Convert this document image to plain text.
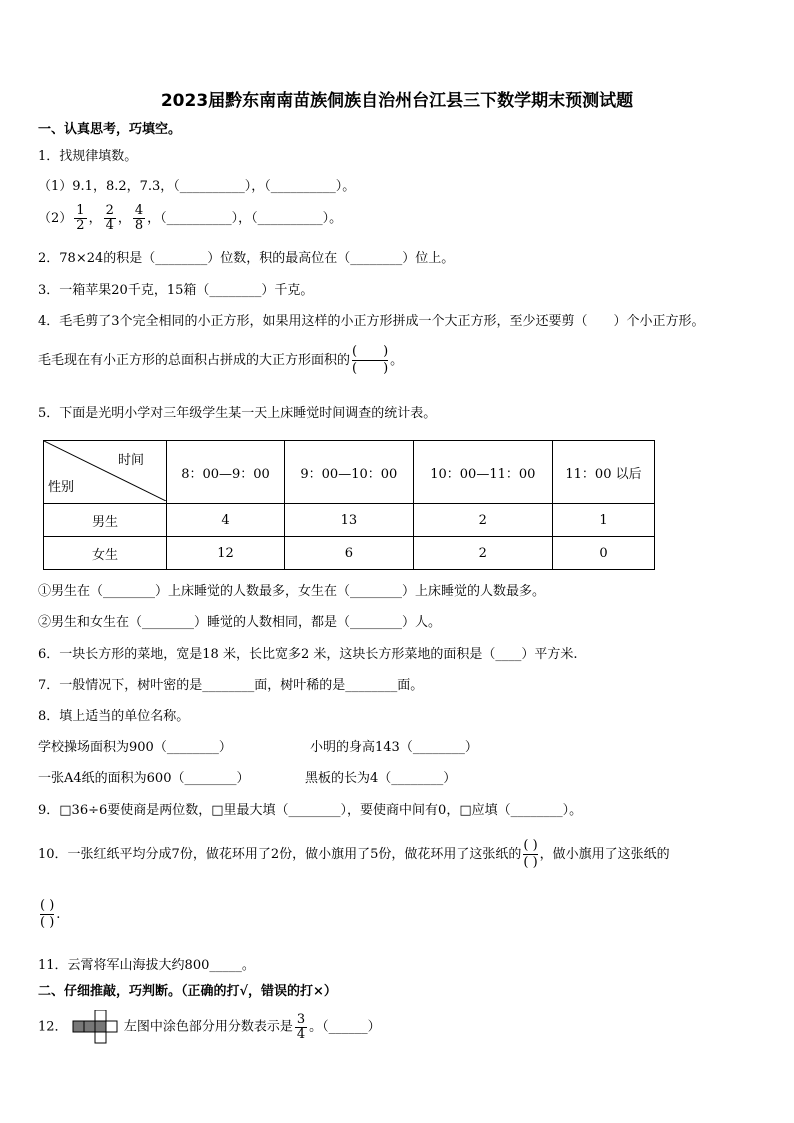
2023届黔东南南苗族侗族自治州台江县三下数学期末预测试题
一、认真思考，巧填空。
1．找规律填数。
（1）9.1，8.2，7.3，（__________），（__________）。
$(2) \frac{1}{2}$ ， $\frac{2}{4}$ ， $\frac{4}{8}$ ，（__________），（__________）。
2．78×24的积是（________）位数，积的最高位在（________）位上。
3．一箱苹果20千克，15箱（________）千克。
4．毛毛剪了3个完全相同的小正方形，如果用这样的小正方形拼成一个大正方形，至少还要剪（　　）个小正方形。
毛毛现在有小正方形的总面积占拼成的大正方形面积的
(　　)
(　　)
。
5．下面是光明小学对三年级学生某一天上床睡觉时间调查的统计表。
时间
性别	8：00—9：00	9：00—10：00	10：00—11：00	11：00 以后
男生	4	13	2	1
女生	12	6	2	0
①男生在（________）上床睡觉的人数最多，女生在（________）上床睡觉的人数最多。
②男生和女生在（________）睡觉的人数相同，都是（________）人。
6．一块长方形的菜地，宽是18 米，长比宽多2 米，这块长方形菜地的面积是（____）平方米.
7．一般情况下，树叶密的是________面，树叶稀的是________面。
8．填上适当的单位名称。
学校操场面积为900（________）	小明的身高143（________）
一张A4纸的面积为600（________）	黑板的长为4（________）
9．□36÷6要使商是两位数，□里最大填（________），要使商中间有0，□应填（________）。
10．一张红纸平均分成7份，做花环用了2份，做小旗用了5份，做花环用了这张纸的
( )
( )
，做小旗用了这张纸的
( )
( )
.
11．云霄将军山海拔大约800_____。
二、仔细推敲，巧判断。（正确的打√，错误的打×）
12．	左图中涂色部分用分数表示是 $\frac{3}{4}$ 。（______）
